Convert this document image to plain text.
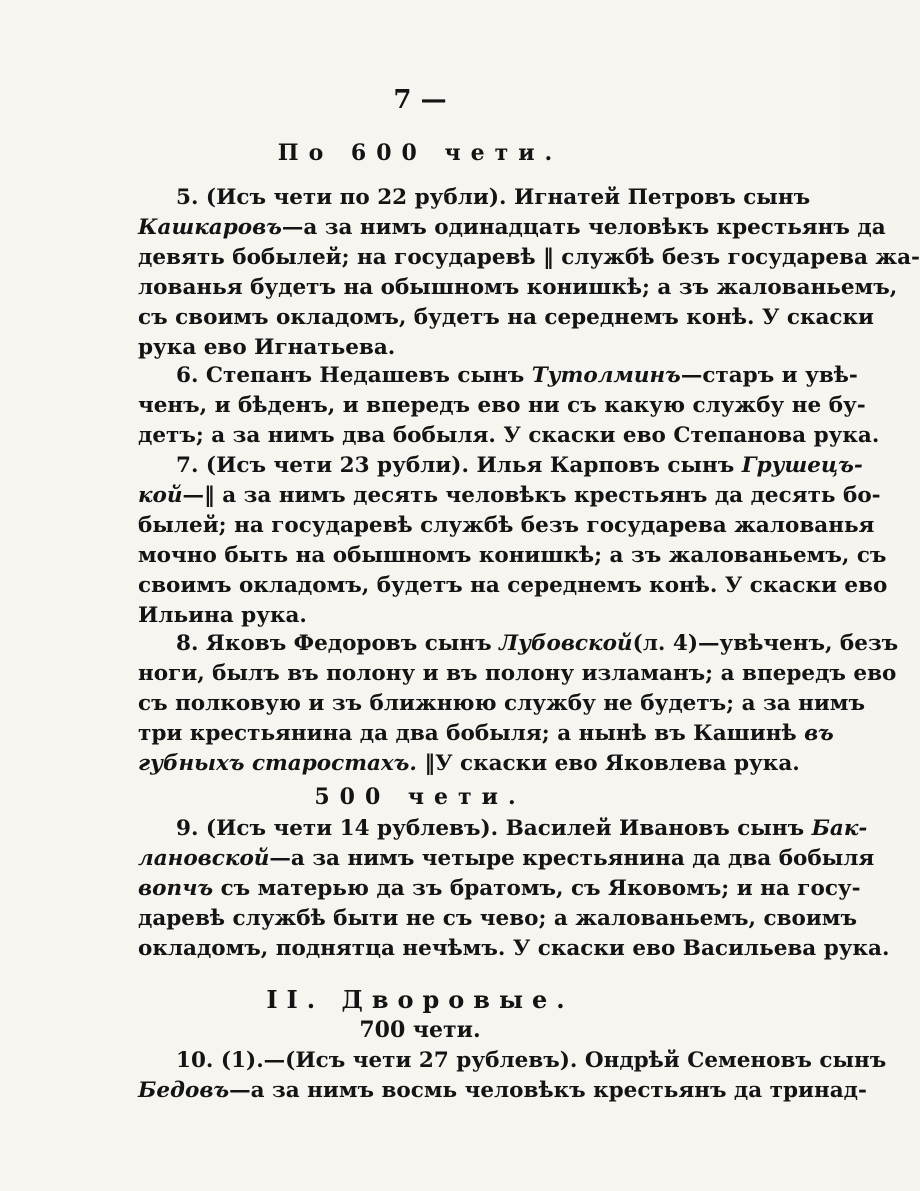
7 —
По 600 чети.
5. (Исъ чети по 22 рубли). Игнатей Петровъ сынъ
Кашкаровъ—а за нимъ одинадцать человѣкъ крестьянъ да
девять бобылей; на государевѣ ‖ службѣ безъ государева жа-
лованья будетъ на обышномъ конишкѣ; а зъ жалованьемъ,
съ своимъ окладомъ, будетъ на середнемъ конѣ. У скаски
рука ево Игнатьева.
6. Степанъ Недашевъ сынъ Тутолминъ—старъ и увѣ-
ченъ, и бѣденъ, и впередъ ево ни съ какую службу не бу-
детъ; а за нимъ два бобыля. У скаски ево Степанова рука.
7. (Исъ чети 23 рубли). Илья Карповъ сынъ Грушецъ-
кой—‖ а за нимъ десять человѣкъ крестьянъ да десять бо-
былей; на государевѣ службѣ безъ государева жалованья
мочно быть на обышномъ конишкѣ; а зъ жалованьемъ, съ
своимъ окладомъ, будетъ на середнемъ конѣ. У скаски ево
Ильина рука.
8. Яковъ Федоровъ сынъ Лубовской(л. 4)—увѣченъ, безъ
ноги, былъ въ полону и въ полону изламанъ; а впередъ ево
съ полковую и зъ ближнюю службу не будетъ; а за нимъ
три крестьянина да два бобыля; а нынѣ въ Кашинѣ въ
губныхъ старостахъ. ‖У скаски ево Яковлева рука.
500 чети.
9. (Исъ чети 14 рублевъ). Василей Ивановъ сынъ Бак-
лановской—а за нимъ четыре крестьянина да два бобыля
вопчъ съ матерью да зъ братомъ, съ Яковомъ; и на госу-
даревѣ службѣ быти не съ чево; а жалованьемъ, своимъ
окладомъ, поднятца нечѣмъ. У скаски ево Васильева рука.
II. Дворовые.
700 чети.
10. (1).—(Исъ чети 27 рублевъ). Ондрѣй Семеновъ сынъ
Бедовъ—а за нимъ восмь человѣкъ крестьянъ да тринад-
